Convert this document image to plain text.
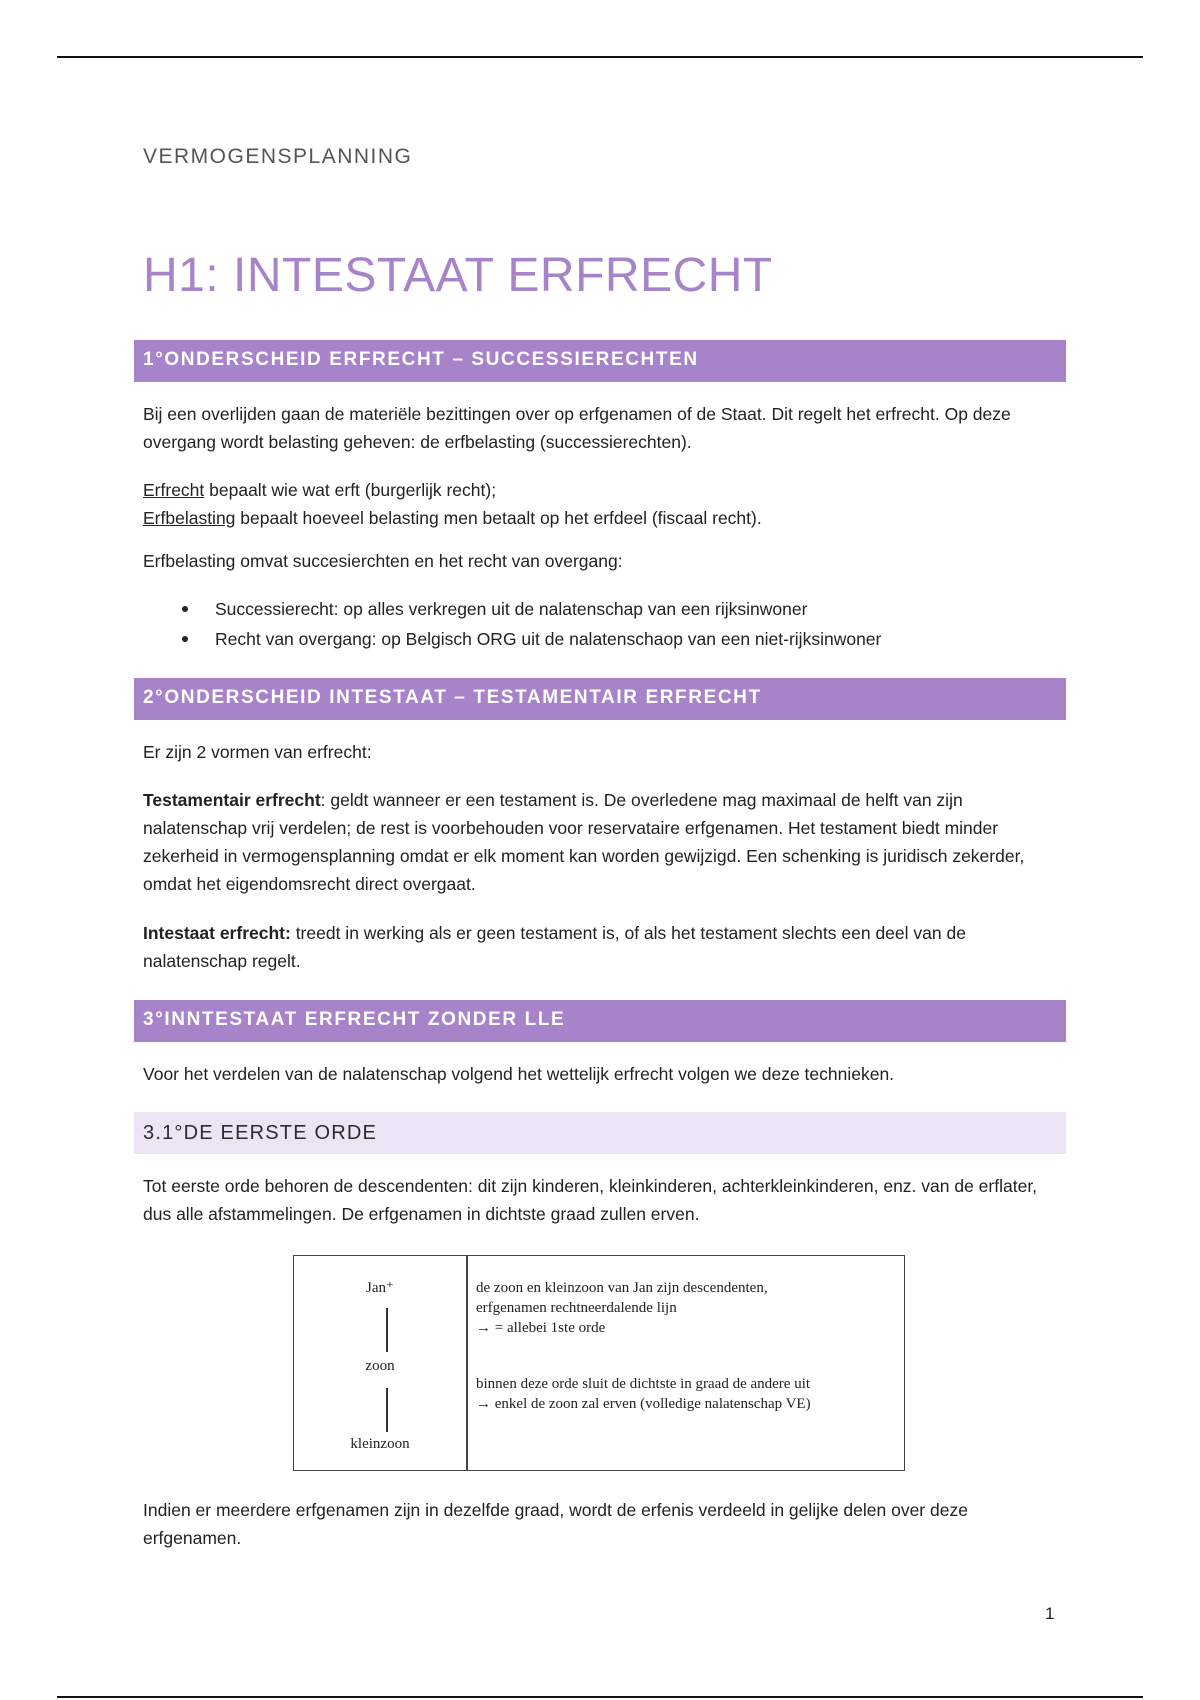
VERMOGENSPLANNING
H1: INTESTAAT ERFRECHT
1°ONDERSCHEID ERFRECHT – SUCCESSIERECHTEN

Bij een overlijden gaan de materiële bezittingen over op erfgenamen of de Staat. Dit regelt het erfrecht. Op deze overgang wordt belasting geheven: de erfbelasting (successierechten).

Erfrecht bepaalt wie wat erft (burgerlijk recht);
Erfbelasting bepaalt hoeveel belasting men betaalt op het erfdeel (fiscaal recht).

Erfbelasting omvat succesierchten en het recht van overgang:

Successierecht: op alles verkregen uit de nalatenschap van een rijksinwoner
Recht van overgang: op Belgisch ORG uit de nalatenschaop van een niet-rijksinwoner
2°ONDERSCHEID INTESTAAT – TESTAMENTAIR ERFRECHT

Er zijn 2 vormen van erfrecht:

Testamentair erfrecht: geldt wanneer er een testament is. De overledene mag maximaal de helft van zijn nalatenschap vrij verdelen; de rest is voorbehouden voor reservataire erfgenamen. Het testament biedt minder zekerheid in vermogensplanning omdat er elk moment kan worden gewijzigd. Een schenking is juridisch zekerder, omdat het eigendomsrecht direct overgaat.

Intestaat erfrecht: treedt in werking als er geen testament is, of als het testament slechts een deel van de nalatenschap regelt.

3°INNTESTAAT ERFRECHT ZONDER LLE

Voor het verdelen van de nalatenschap volgend het wettelijk erfrecht volgen we deze technieken.

3.1°DE EERSTE ORDE

Tot eerste orde behoren de descendenten: dit zijn kinderen, kleinkinderen, achterkleinkinderen, enz. van de erflater, dus alle afstammelingen. De erfgenamen in dichtste graad zullen erven.

Jan⁺
zoon
kleinzoon
de zoon en kleinzoon van Jan zijn descendenten,
erfgenamen rechtneerdalende lijn
→ = allebei 1ste orde
binnen deze orde sluit de dichtste in graad de andere uit
→ enkel de zoon zal erven (volledige nalatenschap VE)

Indien er meerdere erfgenamen zijn in dezelfde graad, wordt de erfenis verdeeld in gelijke delen over deze erfgenamen.

1
